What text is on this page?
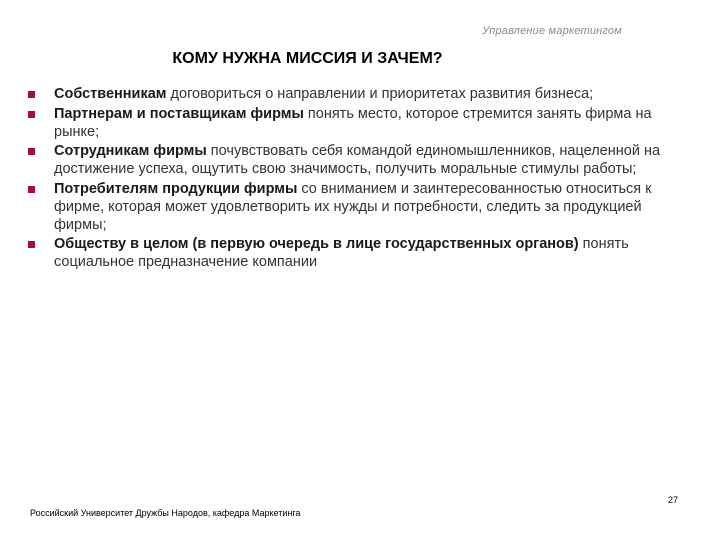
Управление маркетингом
КОМУ НУЖНА МИССИЯ И ЗАЧЕМ?
Собственникам договориться о направлении и приоритетах развития бизнеса;
Партнерам и поставщикам фирмы понять место, которое стремится занять фирма на рынке;
Сотрудникам фирмы почувствовать себя командой единомышленников, нацеленной на достижение успеха, ощутить свою значимость, получить моральные стимулы работы;
Потребителям продукции фирмы со вниманием и заинтересованностью относиться к фирме, которая может удовлетворить их нужды и потребности, следить за продукцией фирмы;
Обществу в целом (в первую очередь в лице государственных органов) понять социальное предназначение компании
27
Российский Университет Дружбы Народов, кафедра Маркетинга
